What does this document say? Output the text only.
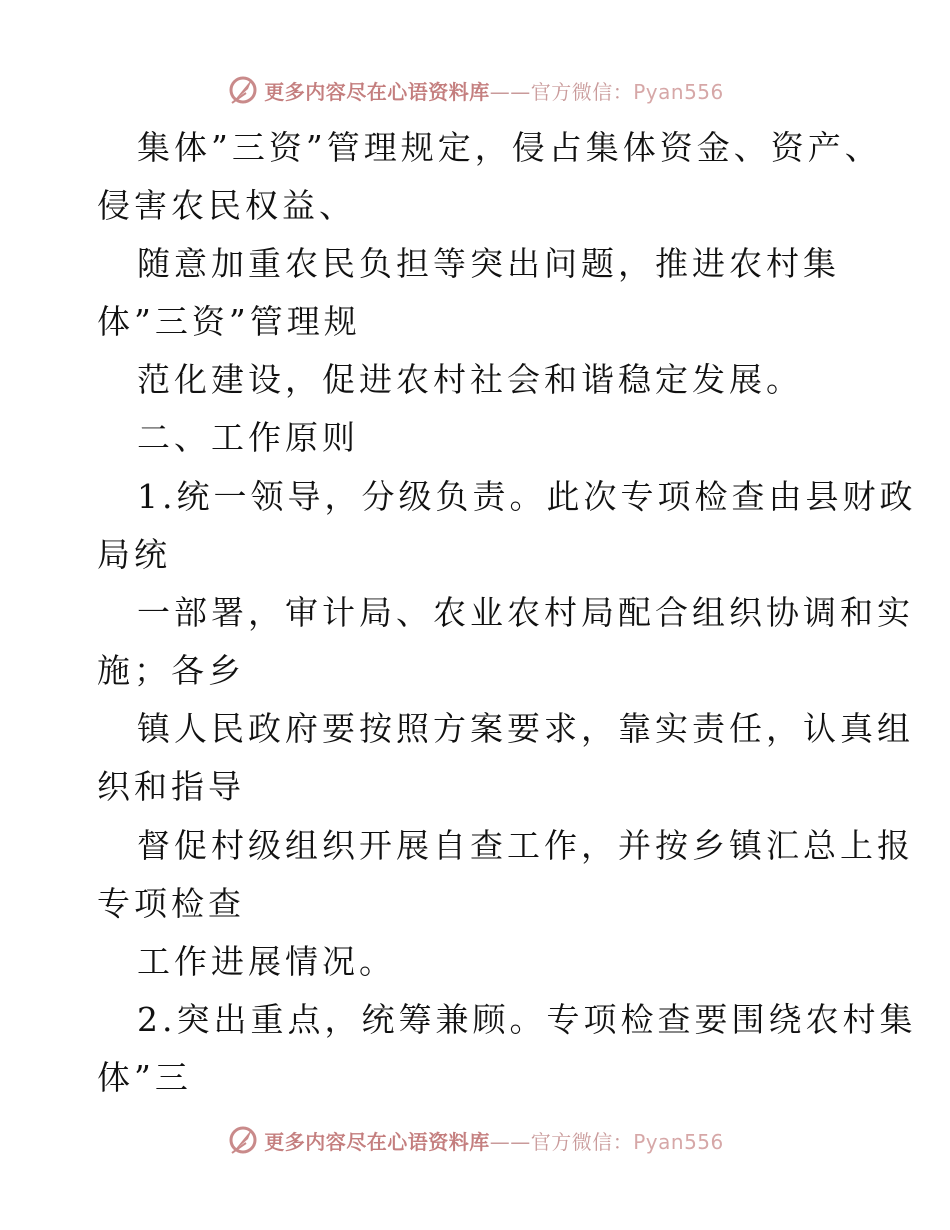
更多内容尽在心语资料库——官方微信：Pyan556
集体”三资”管理规定，侵占集体资金、资产、
侵害农民权益、
随意加重农民负担等突出问题，推进农村集
体”三资”管理规
范化建设，促进农村社会和谐稳定发展。
二、工作原则
1.统一领导，分级负责。此次专项检查由县财政
局统
一部署，审计局、农业农村局配合组织协调和实
施；各乡
镇人民政府要按照方案要求，靠实责任，认真组
织和指导
督促村级组织开展自查工作，并按乡镇汇总上报
专项检查
工作进展情况。
2.突出重点，统筹兼顾。专项检查要围绕农村集
体”三
更多内容尽在心语资料库——官方微信：Pyan556
